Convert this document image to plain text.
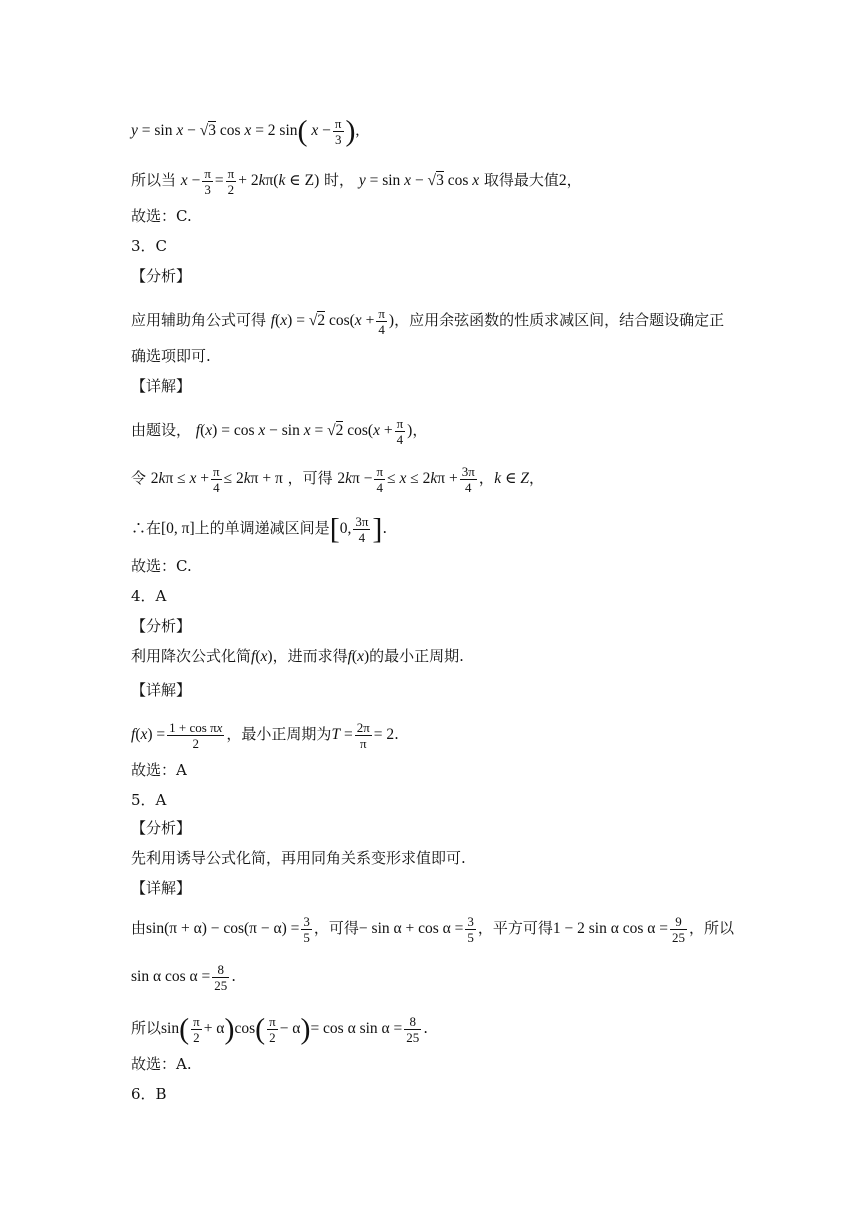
y = sin x − √3 cos x = 2 sin( $x - \frac{\pi}{3}$ ),
所以当 $x - \frac{\pi}{3} = \frac{\pi}{2} + 2k\pi(k$ ∈ Z) 时， y = sin x − √3 cos x 取得最大值2，
故选：C.
3．C
【分析】
应用辅助角公式可得 f(x) = √2 $\cos(x + \frac{\pi}{4}$ )，应用余弦函数的性质求减区间，结合题设确定正
确选项即可.
【详解】
由题设， f(x) = cos x − sin x = √2 $\cos(x + \frac{\pi}{4}$ )，
令 $2k\pi \le x + \frac{\pi}{4} \le 2k\pi + \pi$ ，可得 $2k\pi - \frac{\pi}{4} \le x \le 2k\pi + \frac{3\pi}{4}$ ，k ∈ Z，
∴在[0, π]上的单调递减区间是[0, $\frac{3\pi}{4}$ ].
故选：C.
4．A
【分析】
利用降次公式化简f(x)，进而求得f(x)的最小正周期.
【详解】
$f(x) = \frac{\text{1 + cos πx}}{2}$ ，最小正周期为$T = \frac{2\pi}{\pi} = 2$.
故选：A
5．A
【分析】
先利用诱导公式化简，再用同角关系变形求值即可.
【详解】
由$\sin(\pi + \alpha) - \cos(\pi - \alpha) = \frac{3}{5}$ ，可得− $\sin \alpha + \cos \alpha = \frac{3}{5}$ ，平方可得1 − 2 sin α $\cos \alpha = \frac{9}{25}$ ，所以
sin α $\cos \alpha = \frac{8}{25}$ .
所以$\sin( \frac{\pi}{2} + \alpha)\cos( \frac{\pi}{2} - \alpha)= \cos \alpha$ $\sin \alpha = \frac{8}{25}$ .
故选：A.
6．B
